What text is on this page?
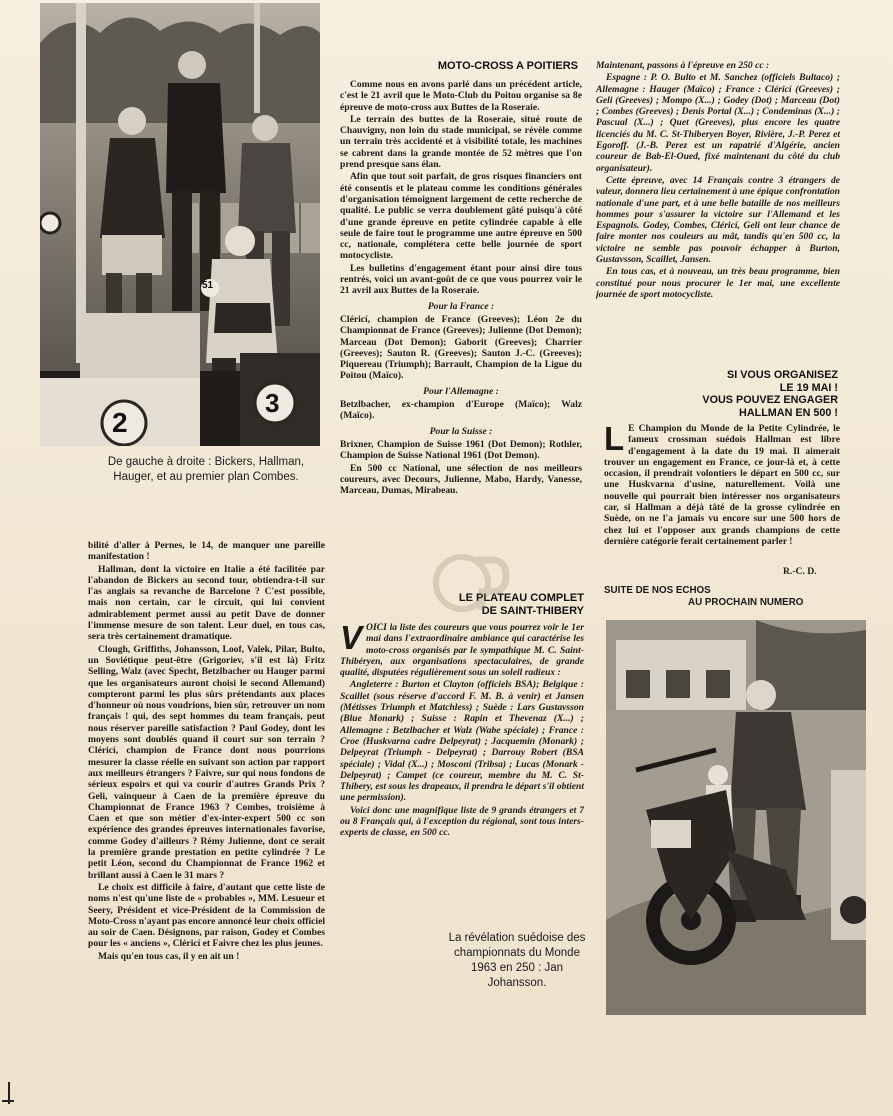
2
3
51
De gauche à droite : Bickers, Hallman, Hauger, et au premier plan Combes.

bilité d'aller à Pernes, le 14, de manquer une pareille manifestation !

Hallman, dont la victoire en Italie a été facilitée par l'abandon de Bickers au second tour, obtiendra-t-il sur l'as anglais sa revanche de Barcelone ? C'est possible, mais non certain, car le circuit, qui lui convient admirablement permet aussi au petit Dave de donner l'immense mesure de son talent. Leur duel, en tous cas, sera très certainement dramatique.

Clough, Griffiths, Johansson, Loof, Valek, Pilar, Bulto, un Soviétique peut-être (Grigoriev, s'il est là) Fritz Selling, Walz (avec Specht, Betzlbacher ou Hauger parmi que les organisateurs auront choisi le second Allemand) compteront parmi les plus sûrs prétendants aux places d'honneur où nous voudrions, bien sûr, retrouver un nom français ! qui, des sept hommes du team français, peut nous réserver pareille satisfaction ? Paul Godey, dont les moyens sont doublés quand il court sur son terrain ? Cléricí, champion de France dont nous pourrions mesurer la classe réelle en suivant son action par rapport aux meilleurs étrangers ? Faivre, sur qui nous fondons de sérieux espoirs et qui va courir d'autres Grands Prix ? Geli, vainqueur à Caen de la première épreuve du Championnat de France 1963 ? Combes, troisième à Caen et que son métier d'ex-inter-expert 500 cc son expérience des grandes épreuves internationales favorise, comme Godey d'ailleurs ? Rémy Julienne, dont ce serait la première grande prestation en petite cylindrée ? Le petit Léon, second du Championnat de France 1962 et brillant aussi à Caen le 31 mars ?

Le choix est difficile à faire, d'autant que cette liste de noms n'est qu'une liste de « probables », MM. Lesueur et Seery, Président et vice-Président de la Commission de Moto-Cross n'ayant pas encore annoncé leur choix officiel au soir de Caen. Désignons, par raison, Godey et Combes pour les « anciens », Cléricí et Faivre chez les plus jeunes.

Mais qu'en tous cas, il y en ait un !

MOTO-CROSS A POITIERS

Comme nous en avons parlé dans un précédent article, c'est le 21 avril que le Moto-Club du Poitou organise sa 8e épreuve de moto-cross aux Buttes de la Roseraie.

Le terrain des buttes de la Roseraie, situé route de Chauvigny, non loin du stade municipal, se révèle comme un terrain très accidenté et à visibilité totale, les machines se cabrent dans la grande montée de 52 mètres que l'on prend presque sans élan.

Afin que tout soit parfait, de gros risques financiers ont été consentis et le plateau comme les conditions générales d'organisation témoignent largement de cette recherche de qualité. Le public se verra doublement gâté puisqu'à côté d'une grande épreuve en petite cylindrée capable à elle seule de faire tout le programme une autre épreuve en 500 cc, nationale, complétera cette belle journée de sport motocycliste.

Les bulletins d'engagement étant pour ainsi dire tous rentrés, voici un avant-goût de ce que vous pourrez voir le 21 avril aux Buttes de la Roseraie.

Pour la France :

Cléricí, champion de France (Greeves); Léon 2e du Championnat de France (Greeves); Julienne (Dot Demon); Marceau (Dot Demon); Gaborit (Greeves); Charrier (Greeves); Sauton R. (Greeves); Sauton J.-C. (Greeves); Piquereau (Triumph); Barrault, Champion de la Ligue du Poitou (Maïco).

Pour l'Allemagne :

Betzlbacher, ex-champion d'Europe (Maïco); Walz (Maïco).

Pour la Suisse :

Brixner, Champion de Suisse 1961 (Dot Demon); Rothler, Champion de Suisse National 1961 (Dot Demon).

En 500 cc National, une sélection de nos meilleurs coureurs, avec Decours, Julienne, Mabo, Hardy, Vanesse, Marceau, Dumas, Mirabeau.

LE PLATEAU COMPLET
DE SAINT-THIBERY

VOICI la liste des coureurs que vous pourrez voir le 1er mai dans l'extraordinaire ambiance qui caractérise les moto-cross organisés par le sympathique M. C. Saint-Thibéryen, aux organisations spectaculaires, de grande qualité, disputées régulièrement sous un soleil radieux :

Angleterre : Burton et Clayton (officiels BSA); Belgique : Scaillet (sous réserve d'accord F. M. B. à venir) et Jansen (Métisses Triumph et Matchless) ; Suède : Lars Gustavsson (Blue Monark) ; Suisse : Rapin et Thevenaz (X...) ; Allemagne : Betzlbacher et Walz (Wabe spéciale) ; France : Croe (Huskvarna cadre Delpeyrat) ; Jacquemin (Monark) ; Delpeyrat (Triumph - Delpeyrat) ; Darrouy Robert (BSA spéciale) ; Vidal (X...) ; Mosconi (Tribsa) ; Lucas (Monark - Delpeyrat) ; Campet (ce coureur, membre du M. C. St-Thibery, est sous les drapeaux, il prendra le départ s'il obtient une permission).

Voici donc une magnifique liste de 9 grands étrangers et 7 ou 8 Français qui, à l'exception du régional, sont tous inters-experts de classe, en 500 cc.

La révélation suédoise des championnats du Monde 1963 en 250 : Jan Johansson.

Maintenant, passons à l'épreuve en 250 cc :

Espagne : P. O. Bulto et M. Sanchez (officiels Bultaco) ; Allemagne : Hauger (Maïco) ; France : Cléricí (Greeves) ; Geli (Greeves) ; Mompo (X...) ; Godey (Dot) ; Marceau (Dot) ; Combes (Greeves) ; Denis Portal (X...) ; Condeminas (X...) ; Pascual (X...) ; Quet (Greeves), plus encore les quatre licenciés du M. C. St-Thiberyen Boyer, Rivière, J.-P. Perez et Egoroff. (J.-B. Perez est un rapatrié d'Algérie, ancien coureur de Bab-El-Oued, fixé maintenant du côté du club organisateur).

Cette épreuve, avec 14 Français contre 3 étrangers de valeur, donnera lieu certainement à une épique confrontation nationale d'une part, et à une belle bataille de nos meilleurs hommes pour s'assurer la victoire sur l'Allemand et les Espagnols. Godey, Combes, Cléricí, Geli ont leur chance de faire monter nos couleurs au mât, tandis qu'en 500 cc, la victoire ne semble pas pouvoir échapper à Burton, Gustavsson, Scaillet, Jansen.

En tous cas, et à nouveau, un très beau programme, bien constitué pour nous procurer le 1er mai, une excellente journée de sport motocycliste.

SI VOUS ORGANISEZ
LE 19 MAI !
VOUS POUVEZ ENGAGER
HALLMAN EN 500 !

L E Champion du Monde de la Petite Cylindrée, le fameux crossman suédois Hallman est libre d'engagement à la date du 19 mai. Il aimerait trouver un engagement en France, ce jour-là et, à cette occasion, il prendrait volontiers le départ en 500 cc, sur une Huskvarna d'usine, naturellement. Voilà une nouvelle qui pourrait bien intéresser nos organisateurs car, si Hallman a déjà tâté de la grosse cylindrée en Suède, on ne l'a jamais vu encore sur une 500 hors de chez lui et l'opposer aux grands champions de cette dernière catégorie ferait certainement parler !

R.-C. D.
SUITE DE NOS ECHOS
AU PROCHAIN NUMERO
